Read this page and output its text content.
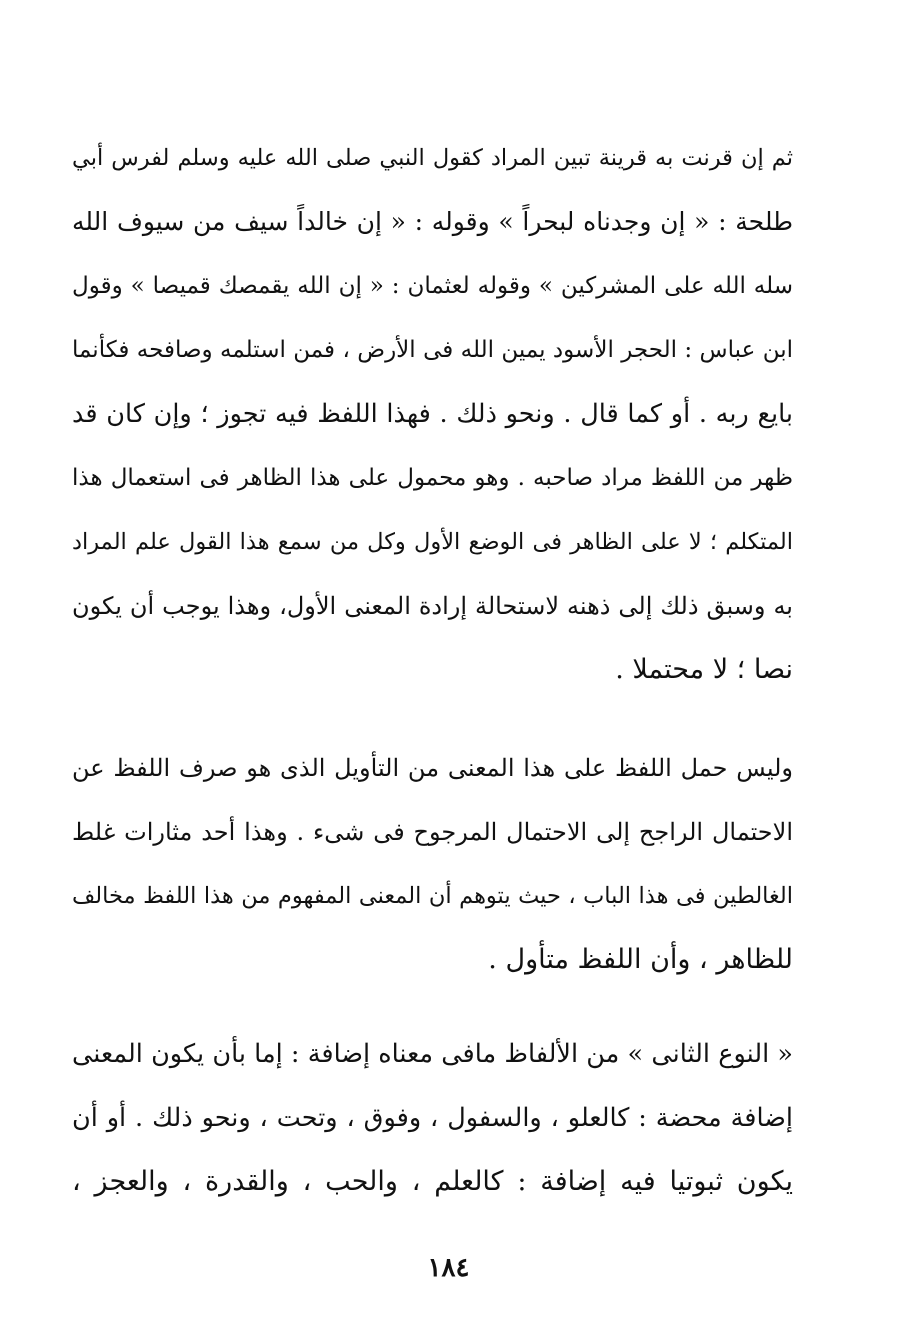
ثم إن قرنت به قرينة تبين المراد كقول النبي صلى الله عليه وسلم لفرس أبي
طلحة : « إن وجدناه لبحراً » وقوله : « إن خالداً سيف من سيوف الله
سله الله على المشركين » وقوله لعثمان : « إن الله يقمصك قميصا » وقول
ابن عباس : الحجر الأسود يمين الله فى الأرض ، فمن استلمه وصافحه فكأنما
بايع ربه . أو كما قال . ونحو ذلك . فهذا اللفظ فيه تجوز ؛ وإن كان قد
ظهر من اللفظ مراد صاحبه . وهو محمول على هذا الظاهر فى استعمال هذا
المتكلم ؛ لا على الظاهر فى الوضع الأول وكل من سمع هذا القول علم المراد
به وسبق ذلك إلى ذهنه لاستحالة إرادة المعنى الأول، وهذا يوجب أن يكون
نصا ؛ لا محتملا .
وليس حمل اللفظ على هذا المعنى من التأويل الذى هو صرف اللفظ عن
الاحتمال الراجح إلى الاحتمال المرجوح فى شىء . وهذا أحد مثارات غلط
الغالطين فى هذا الباب ، حيث يتوهم أن المعنى المفهوم من هذا اللفظ مخالف
للظاهر ، وأن اللفظ متأول .
« النوع الثانى » من الألفاظ مافى معناه إضافة : إما بأن يكون المعنى
إضافة محضة : كالعلو ، والسفول ، وفوق ، وتحت ، ونحو ذلك . أو أن
يكون ثبوتيا فيه إضافة : كالعلم ، والحب ، والقدرة ، والعجز ،
١٨٤
